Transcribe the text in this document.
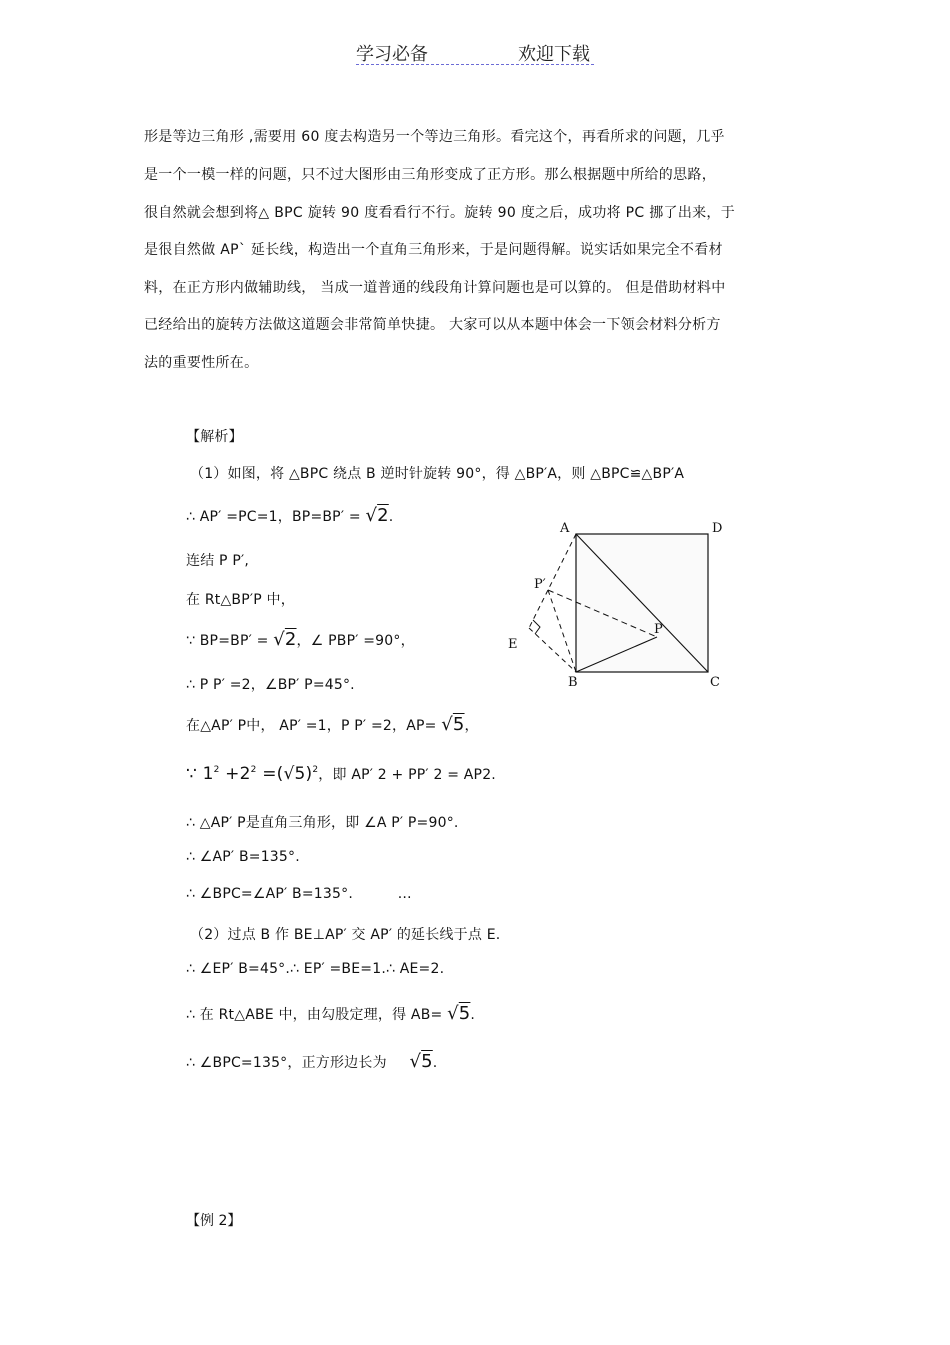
学习必备	欢迎下载
形是等边三角形 ,需要用 60 度去构造另一个等边三角形。看完这个，再看所求的问题，几乎
是一个一模一样的问题，只不过大图形由三角形变成了正方形。那么根据题中所给的思路，
很自然就会想到将△ BPC 旋转 90 度看看行不行。旋转 90 度之后，成功将 PC 挪了出来，于
是很自然做 AP` 延长线，构造出一个直角三角形来，于是问题得解。说实话如果完全不看材
料，在正方形内做辅助线， 当成一道普通的线段角计算问题也是可以算的。 但是借助材料中
已经给出的旋转方法做这道题会非常简单快捷。 大家可以从本题中体会一下领会材料分析方
法的重要性所在。
【解析】
（1）如图，将 △BPC 绕点 B 逆时针旋转 90°，得 △BP′A，则 △BPC≌△BP′A
∴ AP′ =PC=1，BP=BP′ = √2.
连结 P P′,
在 Rt△BP′P 中，
∵ BP=BP′ = √2，∠ PBP′ =90°，
∴ P P′ =2，∠BP′ P=45°.
在△AP′ P中， AP′ =1，P P′ =2，AP= √5，
∵ $1^2 +2^2 =(√5)^2$，即 AP′ 2 + PP′ 2 = AP2.
∴ △AP′ P是直角三角形，即 ∠A P′ P=90°.
∴ ∠AP′ B=135°.
∴ ∠BPC=∠AP′ B=135°.	…
（2）过点 B 作 BE⊥AP′ 交 AP′ 的延长线于点 E.
∴ ∠EP′ B=45°.∴ EP′ =BE=1.∴ AE=2.
∴ 在 Rt△ABE 中，由勾股定理，得 AB= √5.
∴ ∠BPC=135°，正方形边长为 √5.
【例 2】
A	D
B	C
P
P′
E
